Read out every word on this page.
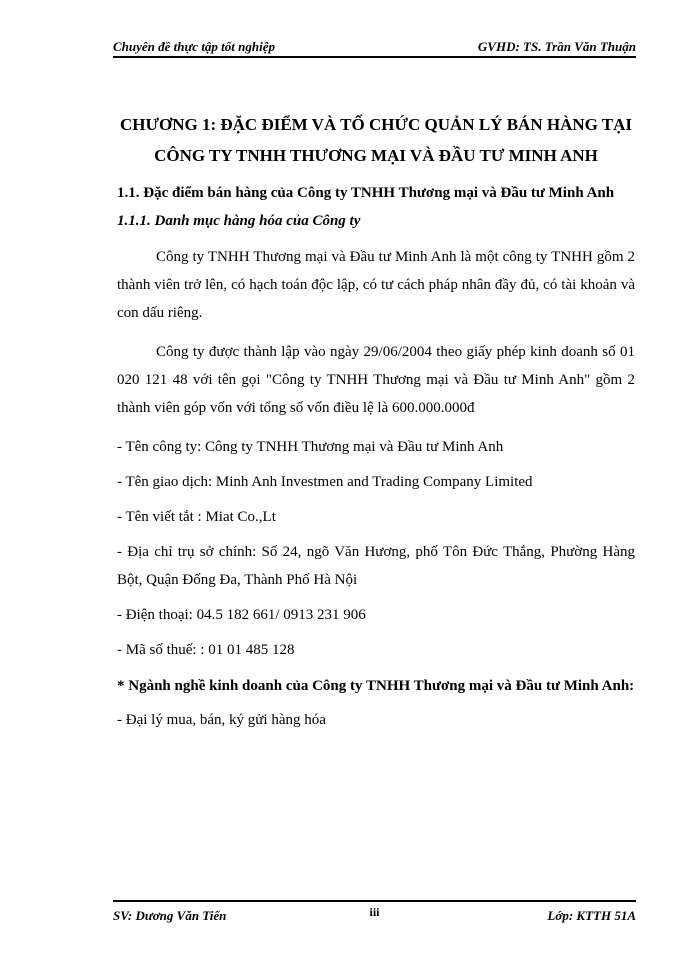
Chuyên đề thực tập tốt nghiệp	GVHD: TS. Trần Văn Thuận

CHƯƠNG 1: ĐẶC ĐIỂM VÀ TỔ CHỨC QUẢN LÝ BÁN HÀNG TẠI CÔNG TY TNHH THƯƠNG MẠI VÀ ĐẦU TƯ MINH ANH

1.1. Đặc điểm bán hàng của Công ty TNHH Thương mại và Đầu tư Minh Anh

1.1.1. Danh mục hàng hóa của Công ty

Công ty TNHH Thương mại và Đầu tư Minh Anh là một công ty TNHH gồm 2 thành viên trở lên, có hạch toán độc lập, có tư cách pháp nhân đầy đủ, có tài khoản và con dấu riêng.

Công ty được thành lập vào ngày 29/06/2004 theo giấy phép kinh doanh số 01 020 121 48 với tên gọi "Công ty TNHH Thương mại và Đầu tư Minh Anh" gồm 2 thành viên góp vốn với tổng số vốn điều lệ là 600.000.000đ

- Tên công ty: Công ty TNHH Thương mại và Đầu tư Minh Anh

- Tên giao dịch: Minh Anh Investmen and Trading Company Limited

- Tên viết tắt : Miat Co.,Lt

- Địa chỉ trụ sở chính: Số 24, ngõ Văn Hương, phố Tôn Đức Thắng, Phường Hàng Bột, Quận Đống Đa, Thành Phố Hà Nội

- Điện thoại: 04.5 182 661/ 0913 231 906

- Mã số thuế: : 01 01 485 128

* Ngành nghề kinh doanh của Công ty TNHH Thương mại và Đầu tư Minh Anh:

- Đại lý mua, bán, ký gửi hàng hóa

SV: Dương Văn Tiến	iii	Lớp: KTTH 51A
